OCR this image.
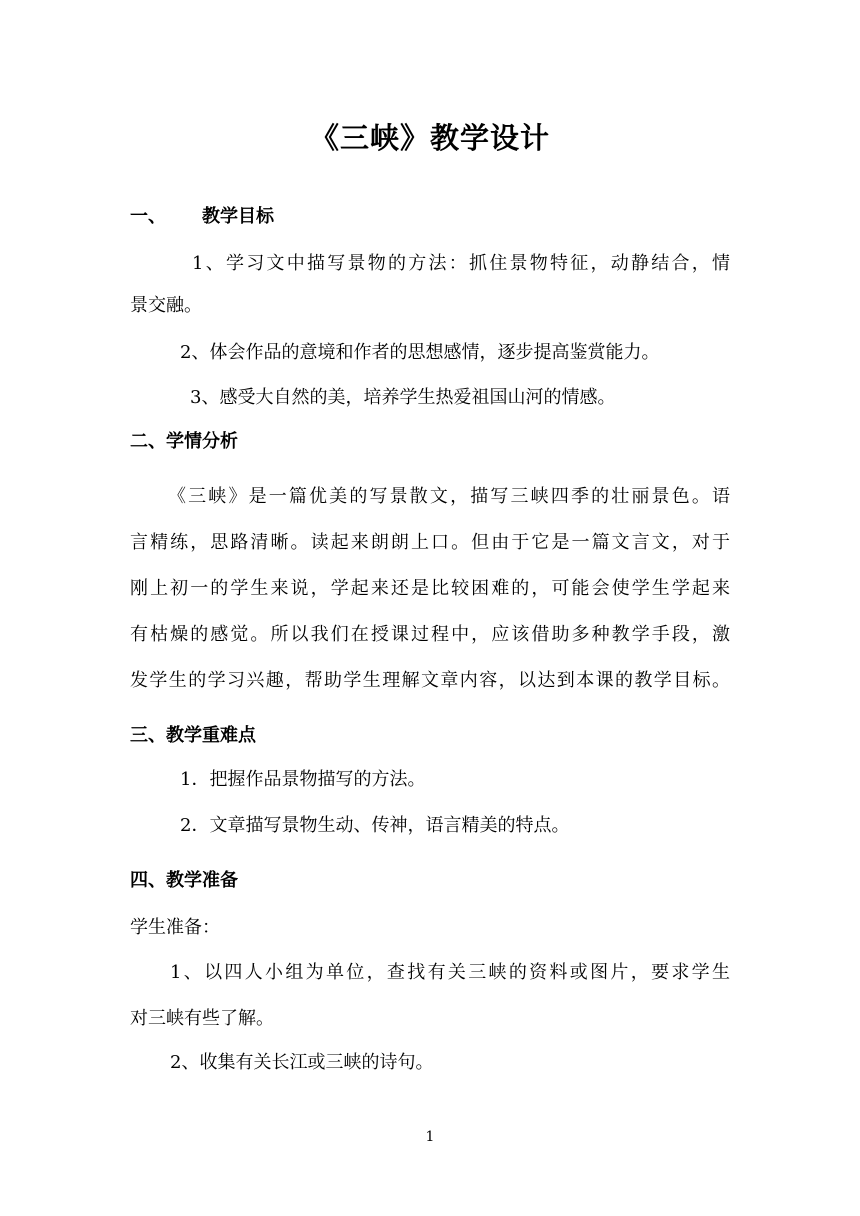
《三峡》教学设计
一、 教学目标
1、学习文中描写景物的方法：抓住景物特征，动静结合，情
景交融。
2、体会作品的意境和作者的思想感情，逐步提高鉴赏能力。
3、感受大自然的美，培养学生热爱祖国山河的情感。
二、学情分析
《三峡》是一篇优美的写景散文，描写三峡四季的壮丽景色。语
言精练，思路清晰。读起来朗朗上口。但由于它是一篇文言文，对于
刚上初一的学生来说，学起来还是比较困难的，可能会使学生学起来
有枯燥的感觉。所以我们在授课过程中，应该借助多种教学手段，激
发学生的学习兴趣，帮助学生理解文章内容，以达到本课的教学目标。
三、教学重难点
1．把握作品景物描写的方法。
2．文章描写景物生动、传神，语言精美的特点。
四、教学准备
学生准备：
1、以四人小组为单位，查找有关三峡的资料或图片，要求学生
对三峡有些了解。
2、收集有关长江或三峡的诗句。
1
